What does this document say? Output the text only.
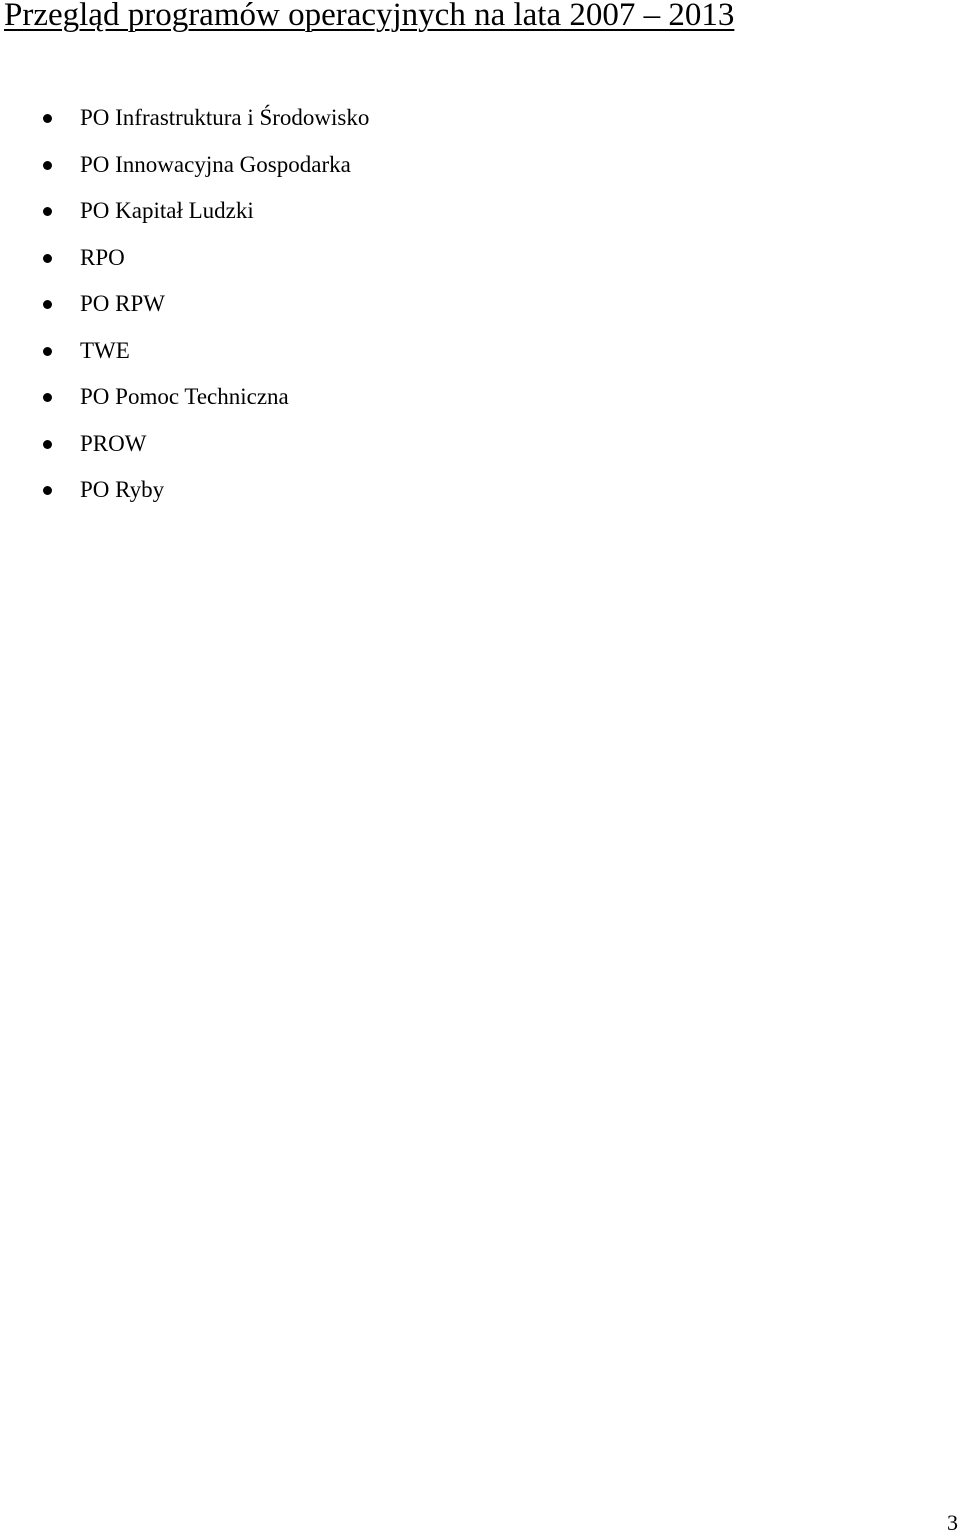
Przegląd programów operacyjnych na lata 2007 – 2013
PO Infrastruktura i Środowisko
PO Innowacyjna Gospodarka
PO Kapitał Ludzki
RPO
PO RPW
TWE
PO Pomoc Techniczna
PROW
PO Ryby
3
